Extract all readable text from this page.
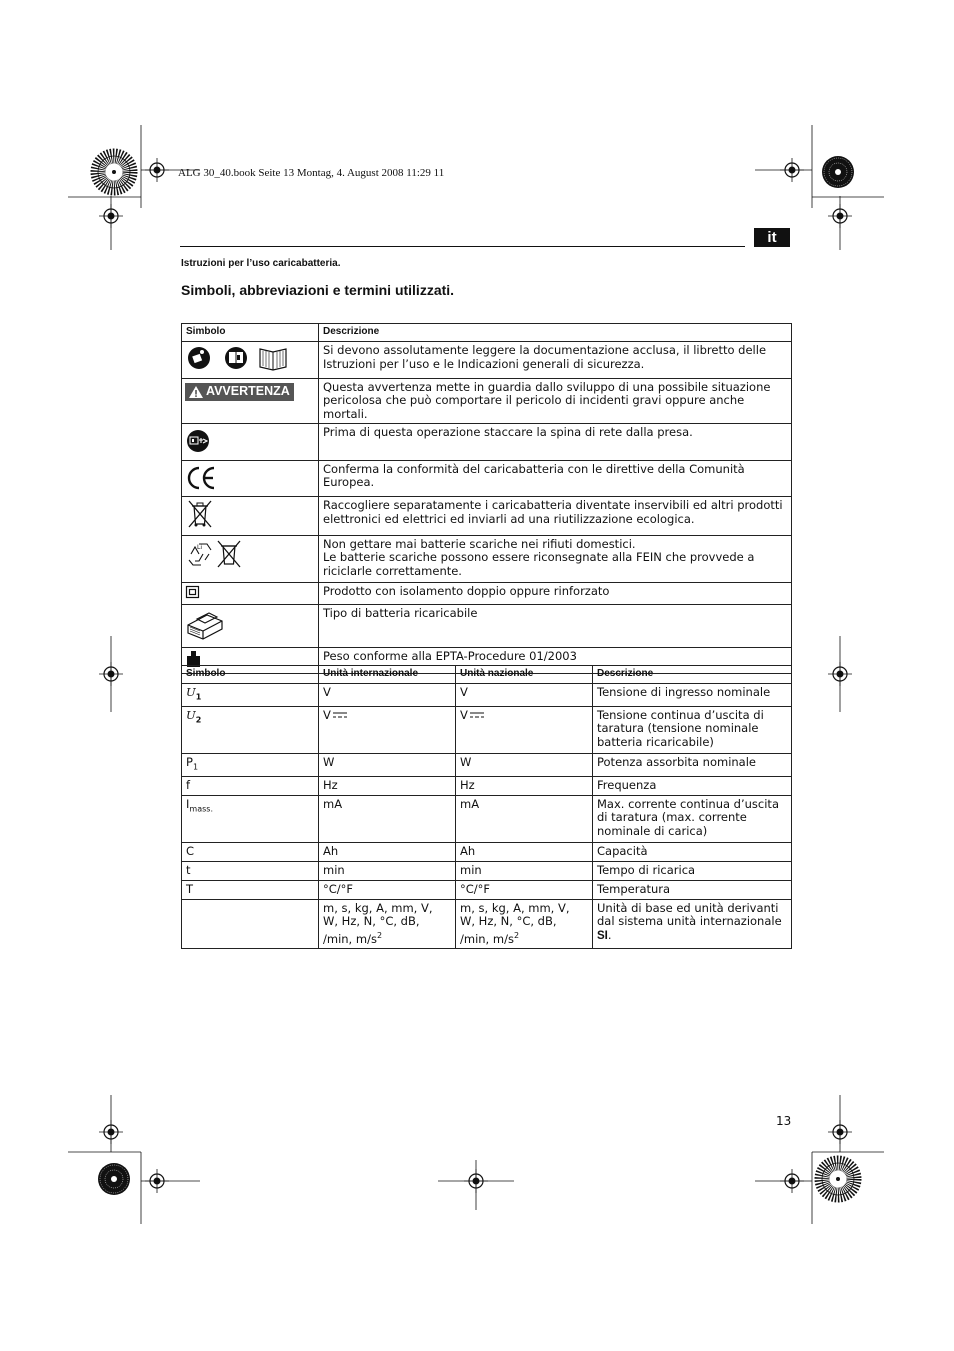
ALG 30_40.book Seite 13 Montag, 4. August 2008 11:29 11
it
Istruzioni per l’uso caricabatteria.
Simboli, abbreviazioni e termini utilizzati.
Simbolo	Descrizione
	Si devono assolutamente leggere la documentazione acclusa, il libretto delle Istruzioni per l’uso e le Indicazioni generali di sicurezza.

AVVERTENZA	Questa avvertenza mette in guardia dallo sviluppo di una possibile situazione pericolosa che può comportare il pericolo di incidenti gravi oppure anche mortali.
	Prima di questa operazione staccare la spina di rete dalla presa.
	Conferma la conformità del caricabatteria con le direttive della Comunità Europea.
	Raccogliere separatamente i caricabatteria diventate inservibili ed altri prodotti elettronici ed elettrici ed inviarli ad una riutilizzazione ecologica.

Li	Non gettare mai batterie scariche nei rifiuti domestici.
Le batterie scariche possono essere riconsegnate alla FEIN che provvede a riciclarle correttamente.
	Prodotto con isolamento doppio oppure rinforzato
	Tipo di batteria ricaricabile
	Peso conforme alla EPTA-Procedure 01/2003
Simbolo	Unità internazionale	Unità nazionale	Descrizione
$U_1$	V	V	Tensione di ingresso nominale
$U_2$	V	V	Tensione continua d’uscita di taratura (tensione nominale batteria ricaricabile)
$P_1$	W	W	Potenza assorbita nominale
f	Hz	Hz	Frequenza
$I_{mass.}$	mA	mA	Max. corrente continua d’uscita di taratura (max. corrente nominale di carica)
C	Ah	Ah	Capacità
t	min	min	Tempo di ricarica
T	°C/°F	°C/°F	Temperatura
	m, s, kg, A, mm, V, W, Hz, N, °C, dB, /min, $m/s^2$	m, s, kg, A, mm, V, W, Hz, N, °C, dB, /min, $m/s^2$	Unità di base ed unità derivanti dal sistema unità internazionale SI.
13
